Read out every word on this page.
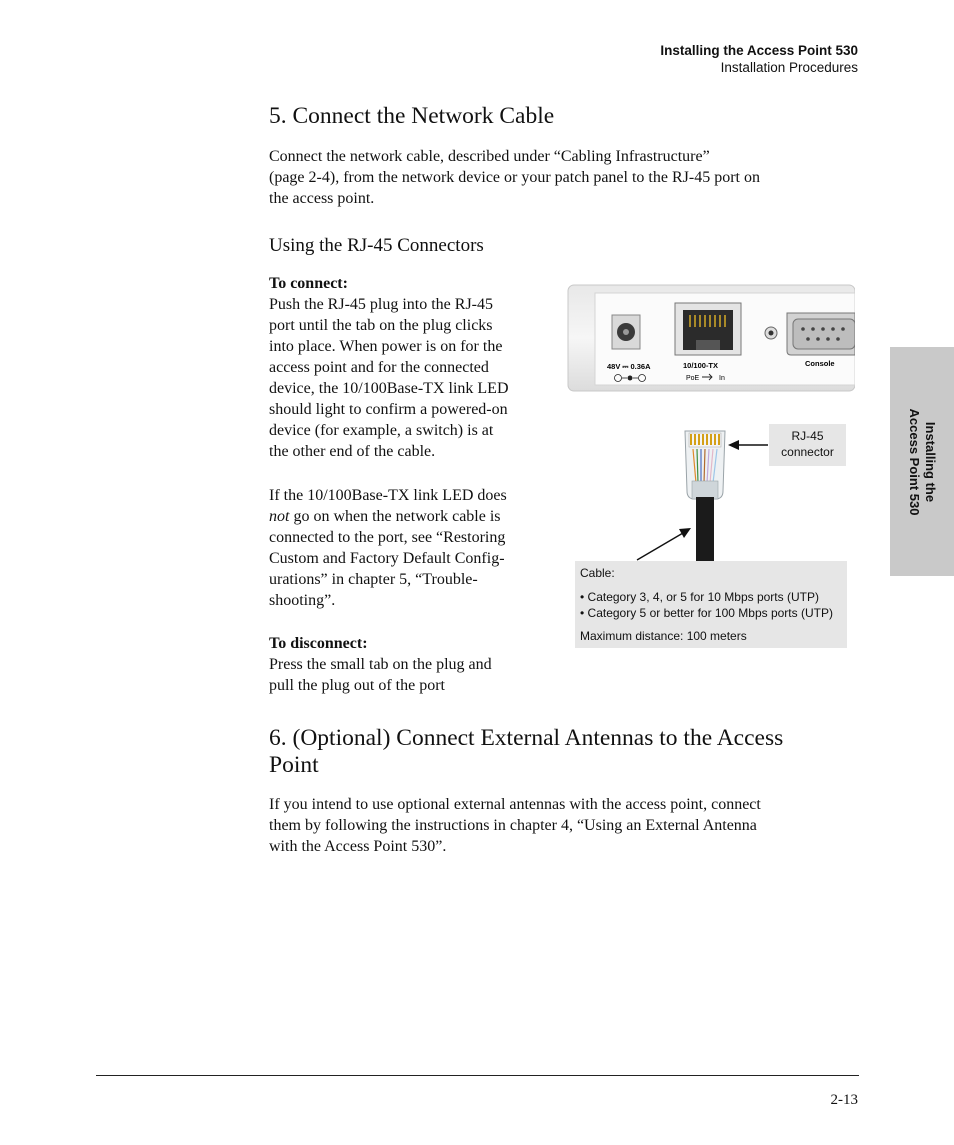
Installing the Access Point 530
Installation Procedures
5. Connect the Network Cable
Connect the network cable, described under “Cabling Infrastructure”
(page 2-4), from the network device or your patch panel to the RJ-45 port on
the access point.
Using the RJ-45 Connectors
To connect:
Push the RJ-45 plug into the RJ-45
port until the tab on the plug clicks
into place. When power is on for the
access point and for the connected
device, the 10/100Base-TX link LED
should light to confirm a powered-on
device (for example, a switch) is at
the other end of the cable.
If the 10/100Base-TX link LED does
not go on when the network cable is
connected to the port, see “Restoring
Custom and Factory Default Config-
urations” in chapter 5, “Trouble-
shooting”.
To disconnect:
Press the small tab on the plug and
pull the plug out of the port
48V ⎓ 0.36A	10/100-TX
PoE	In
Console
RJ-45
connector
Cable:
• Category 3, 4, or 5 for 10 Mbps ports (UTP)
• Category 5 or better for 100 Mbps ports (UTP)
Maximum distance: 100 meters
6. (Optional) Connect External Antennas to the Access
Point
If you intend to use optional external antennas with the access point, connect
them by following the instructions in chapter 4, “Using an External Antenna
with the Access Point 530”.
Installing the
Access Point 530
2-13
